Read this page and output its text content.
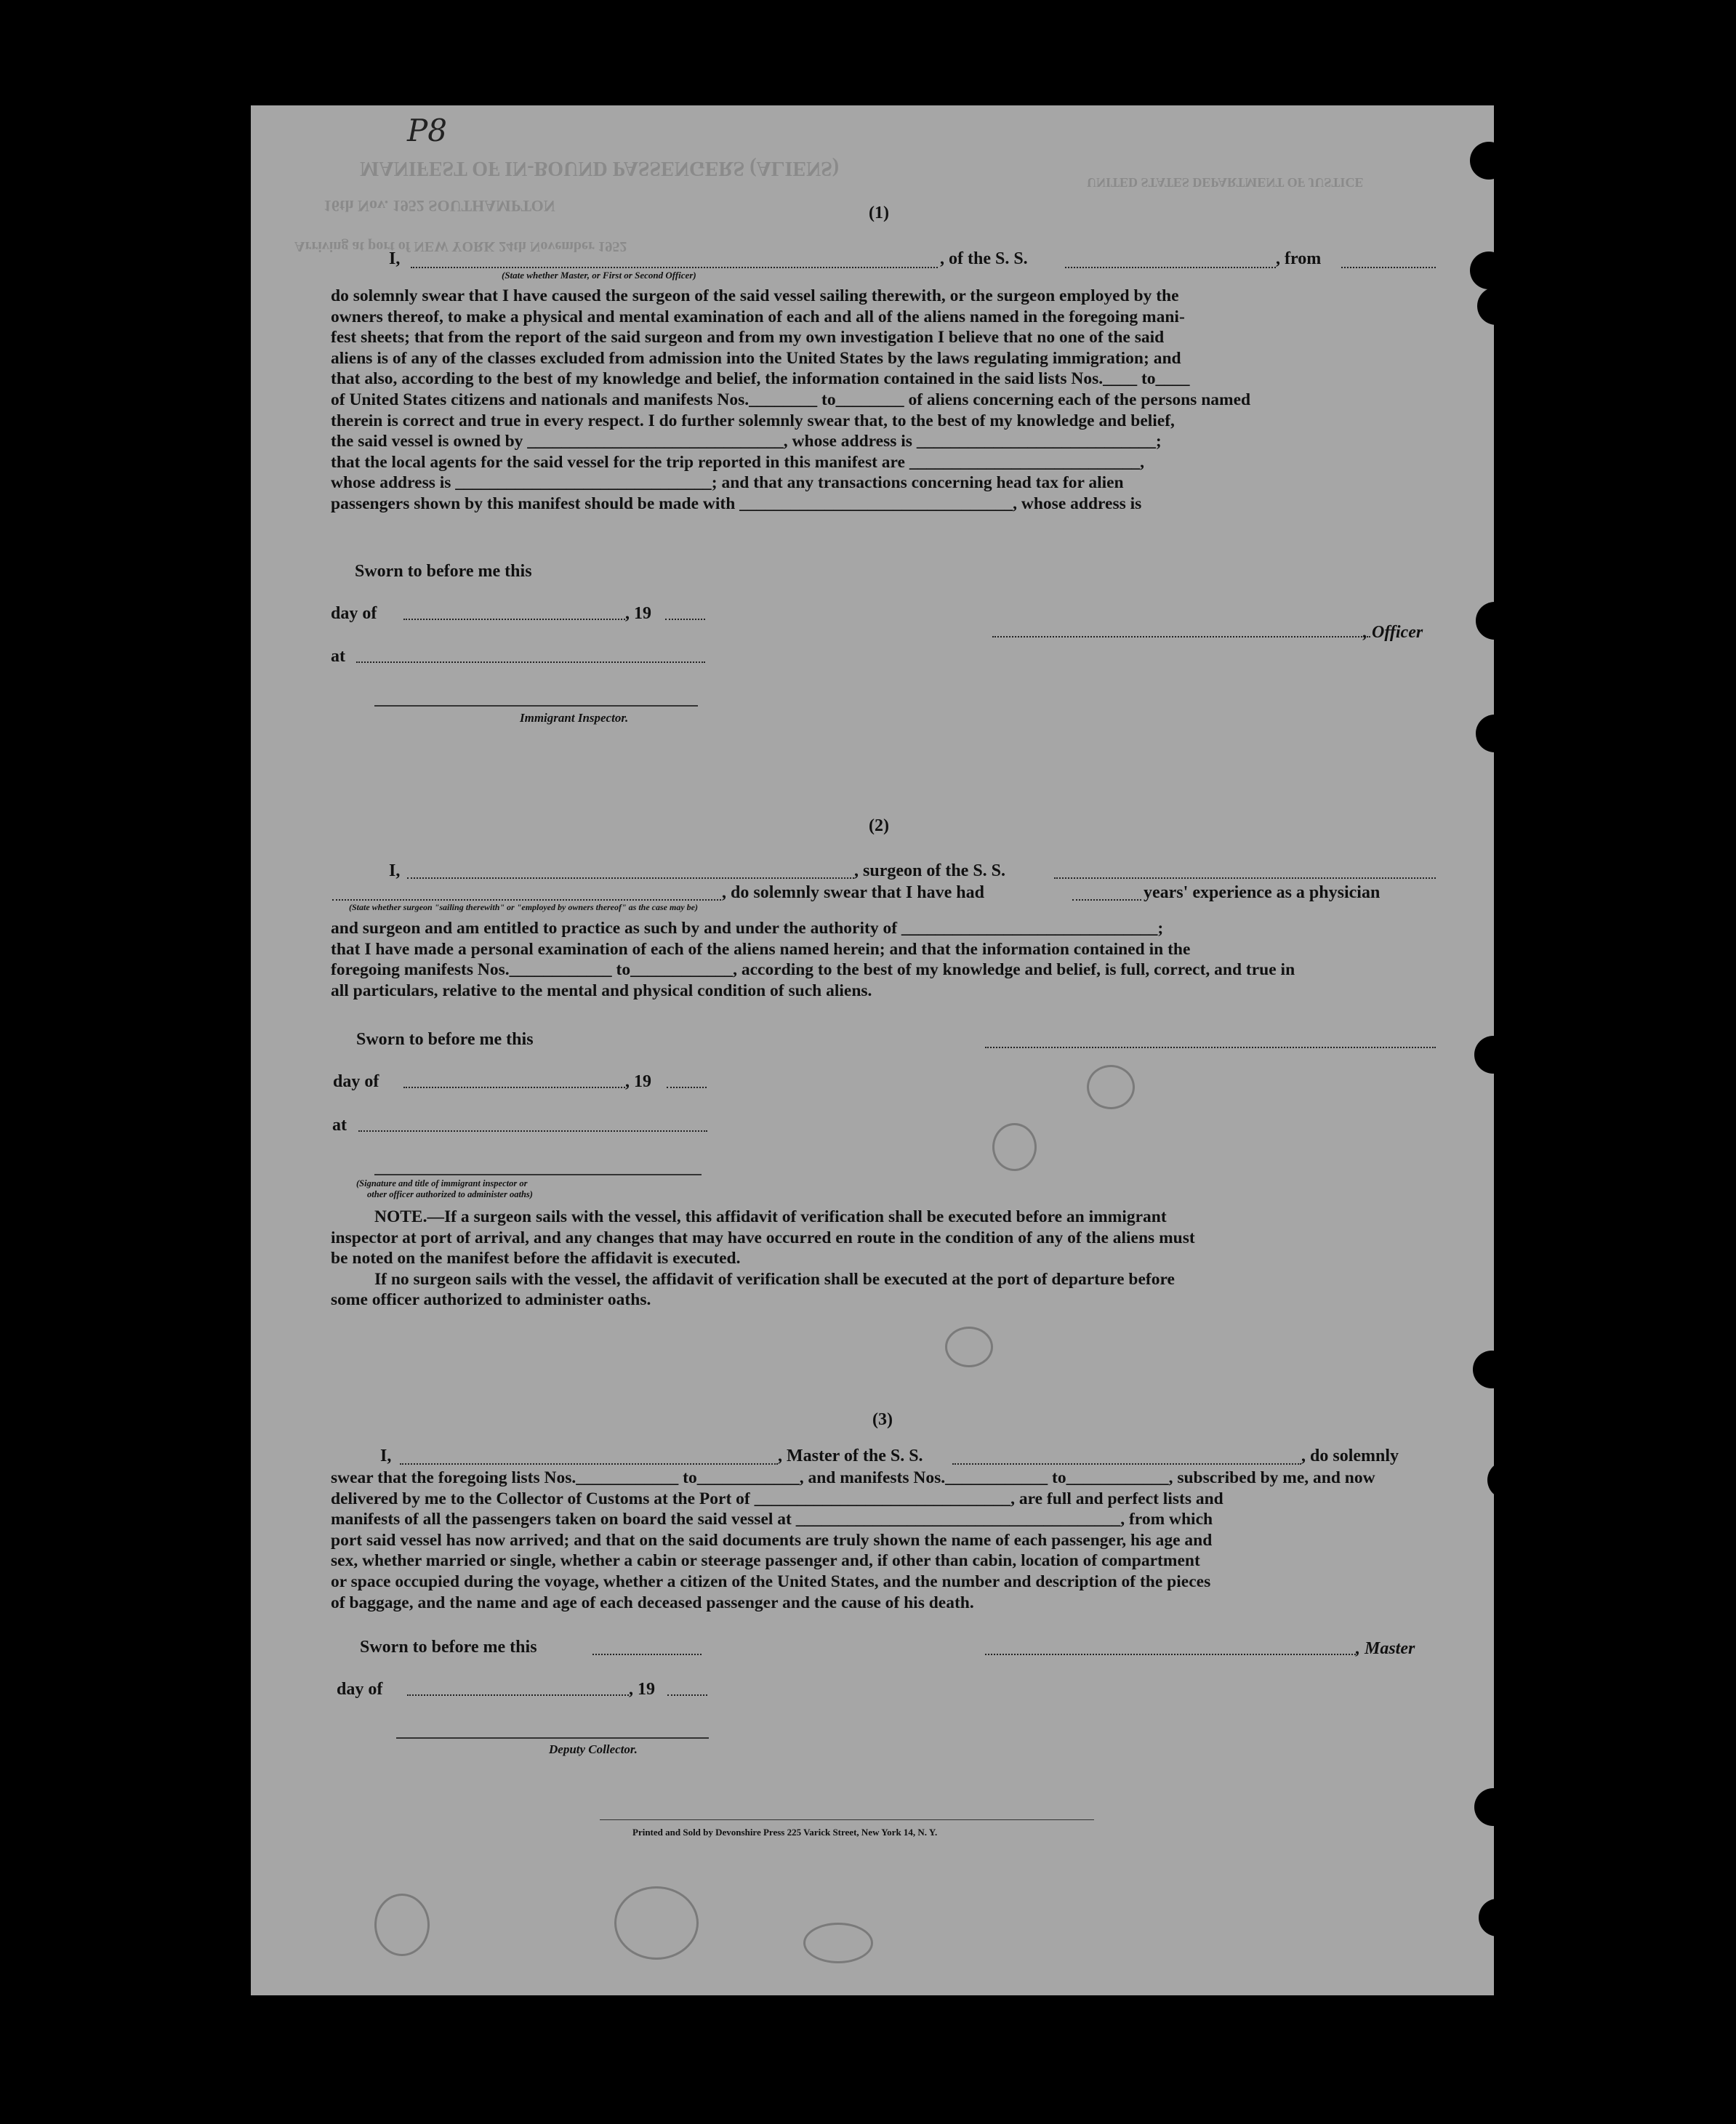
P8
MANIFEST OF IN-BOUND PASSENGERS (ALIENS)
UNITED STATES DEPARTMENT OF JUSTICE
16th Nov. 1952 SOUTHAMPTON
Arriving at port of NEW YORK 24th November 1952
(1)
I,	, of the S. S.	, from
(State whether Master, or First or Second Officer)
do solemnly swear that I have caused the surgeon of the said vessel sailing therewith, or the surgeon employed by the
owners thereof, to make a physical and mental examination of each and all of the aliens named in the foregoing mani-
fest sheets; that from the report of the said surgeon and from my own investigation I believe that no one of the said
aliens is of any of the classes excluded from admission into the United States by the laws regulating immigration; and
that also, according to the best of my knowledge and belief, the information contained in the said lists Nos.____ to____
of United States citizens and nationals and manifests Nos.________ to________ of aliens concerning each of the persons named
therein is correct and true in every respect. I do further solemnly swear that, to the best of my knowledge and belief,
the said vessel is owned by ______________________________, whose address is ____________________________;
that the local agents for the said vessel for the trip reported in this manifest are ___________________________,
whose address is ______________________________; and that any transactions concerning head tax for alien
passengers shown by this manifest should be made with ________________________________, whose address is
Sworn to before me this
day of	, 19
at
Immigrant Inspector.
, Officer
(2)
I,	, surgeon of the S. S.
, do solemnly swear that I have had	years' experience as a physician
(State whether surgeon "sailing therewith" or "employed by owners thereof" as the case may be)
and surgeon and am entitled to practice as such by and under the authority of ______________________________;
that I have made a personal examination of each of the aliens named herein; and that the information contained in the
foregoing manifests Nos.____________ to____________, according to the best of my knowledge and belief, is full, correct, and true in
all particulars, relative to the mental and physical condition of such aliens.
Sworn to before me this
day of	, 19
at
(Signature and title of immigrant inspector or
other officer authorized to administer oaths)
NOTE.—If a surgeon sails with the vessel, this affidavit of verification shall be executed before an immigrant
inspector at port of arrival, and any changes that may have occurred en route in the condition of any of the aliens must
be noted on the manifest before the affidavit is executed.
If no surgeon sails with the vessel, the affidavit of verification shall be executed at the port of departure before
some officer authorized to administer oaths.
(3)
I,	, Master of the S. S.	, do solemnly
swear that the foregoing lists Nos.____________ to____________, and manifests Nos.____________ to____________, subscribed by me, and now
delivered by me to the Collector of Customs at the Port of ______________________________, are full and perfect lists and
manifests of all the passengers taken on board the said vessel at ______________________________________, from which
port said vessel has now arrived; and that on the said documents are truly shown the name of each passenger, his age and
sex, whether married or single, whether a cabin or steerage passenger and, if other than cabin, location of compartment
or space occupied during the voyage, whether a citizen of the United States, and the number and description of the pieces
of baggage, and the name and age of each deceased passenger and the cause of his death.
Sworn to before me this	, Master
day of	, 19
Deputy Collector.
Printed and Sold by Devonshire Press 225 Varick Street, New York 14, N. Y.
